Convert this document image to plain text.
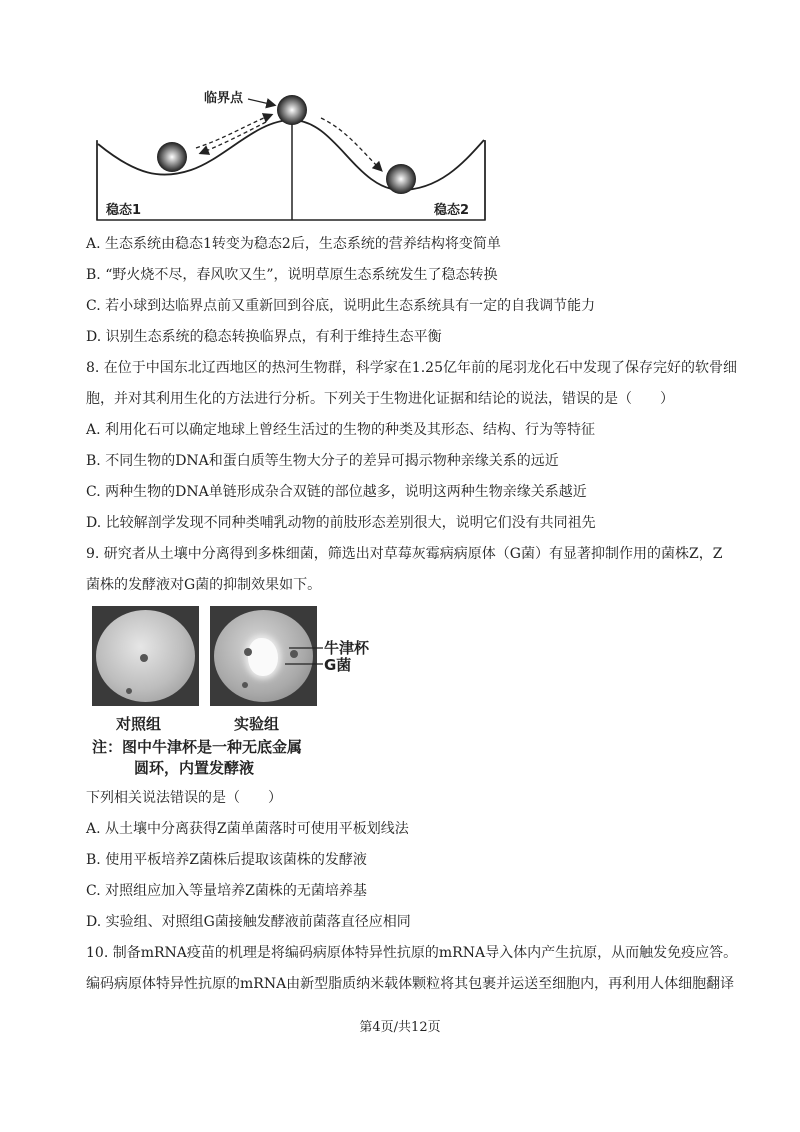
临界点
稳态1	稳态2
A. 生态系统由稳态1转变为稳态2后，生态系统的营养结构将变简单
B. “野火烧不尽，春风吹又生”，说明草原生态系统发生了稳态转换
C. 若小球到达临界点前又重新回到谷底，说明此生态系统具有一定的自我调节能力
D. 识别生态系统的稳态转换临界点，有利于维持生态平衡
8. 在位于中国东北辽西地区的热河生物群，科学家在1.25亿年前的尾羽龙化石中发现了保存完好的软骨细
胞，并对其利用生化的方法进行分析。下列关于生物进化证据和结论的说法，错误的是（　　）
A. 利用化石可以确定地球上曾经生活过的生物的种类及其形态、结构、行为等特征
B. 不同生物的DNA和蛋白质等生物大分子的差异可揭示物种亲缘关系的远近
C. 两种生物的DNA单链形成杂合双链的部位越多，说明这两种生物亲缘关系越近
D. 比较解剖学发现不同种类哺乳动物的前肢形态差别很大，说明它们没有共同祖先
9. 研究者从土壤中分离得到多株细菌，筛选出对草莓灰霉病病原体（G菌）有显著抑制作用的菌株Z，Z
菌株的发酵液对G菌的抑制效果如下。
牛津杯
G菌
对照组	实验组
注：图中牛津杯是一种无底金属
圆环，内置发酵液
下列相关说法错误的是（　　）
A. 从土壤中分离获得Z菌单菌落时可使用平板划线法
B. 使用平板培养Z菌株后提取该菌株的发酵液
C. 对照组应加入等量培养Z菌株的无菌培养基
D. 实验组、对照组G菌接触发酵液前菌落直径应相同
10. 制备mRNA疫苗的机理是将编码病原体特异性抗原的mRNA导入体内产生抗原，从而触发免疫应答。
编码病原体特异性抗原的mRNA由新型脂质纳米载体颗粒将其包裹并运送至细胞内，再利用人体细胞翻译
第4页/共12页
